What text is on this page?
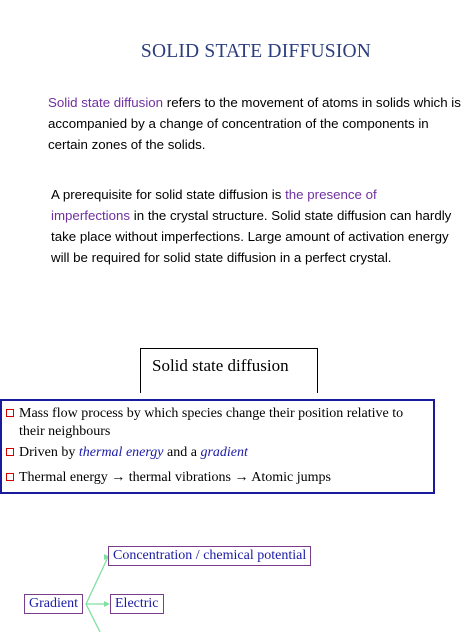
SOLID STATE DIFFUSION
Solid state diffusion refers to the movement of atoms in solids which is accompanied by a change of concentration of the components in certain zones of the solids.
A prerequisite for solid state diffusion is the presence of imperfections in the crystal structure. Solid state diffusion can hardly take place without imperfections. Large amount of activation energy will be required for solid state diffusion in a perfect crystal.
Solid state diffusion
Mass flow process by which species change their position relative to
their neighbours
Driven by thermal energy and a gradient
Thermal energy → thermal vibrations → Atomic jumps
Concentration / chemical potential
Gradient	Electric
